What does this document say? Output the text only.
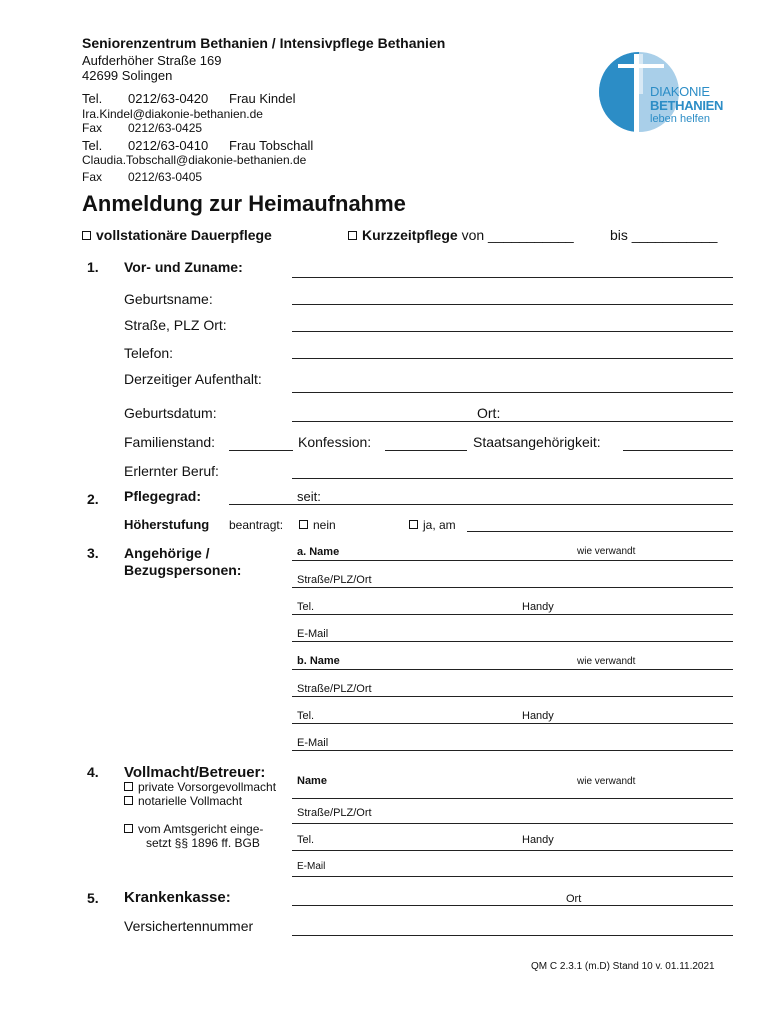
Seniorenzentrum Bethanien / Intensivpflege Bethanien
Aufderhöher Straße 169
42699 Solingen
Tel. 0212/63-0420 Frau Kindel
Ira.Kindel@diakonie-bethanien.de
Fax 0212/63-0425
Tel. 0212/63-0410 Frau Tobschall
Claudia.Tobschall@diakonie-bethanien.de
Fax 0212/63-0405
DIAKONIE
BETHANIEN
leben helfen
Anmeldung zur Heimaufnahme
vollstationäre Dauerpflege	Kurzzeitpflege von ___________	bis ___________
1. Vor- und Zuname:
Geburtsname:
Straße, PLZ Ort:
Telefon:
Derzeitiger Aufenthalt:
Geburtsdatum:	Ort:
Familienstand:	Konfession:	Staatsangehörigkeit:
Erlernter Beruf:
2. Pflegegrad:	seit:
Höherstufung beantragt:	nein	ja, am
3. Angehörige /
Bezugspersonen:
a. Name	wie verwandt
Straße/PLZ/Ort
Tel.	Handy
E-Mail
b. Name	wie verwandt
Straße/PLZ/Ort
Tel.	Handy
E-Mail
4. Vollmacht/Betreuer:
private Vorsorgevollmacht
notarielle Vollmacht
vom Amtsgericht einge-
setzt §§ 1896 ff. BGB
Name	wie verwandt
Straße/PLZ/Ort
Tel.	Handy
E-Mail
5. Krankenkasse:	Ort
Versichertennummer
QM C 2.3.1 (m.D) Stand 10 v. 01.11.2021
